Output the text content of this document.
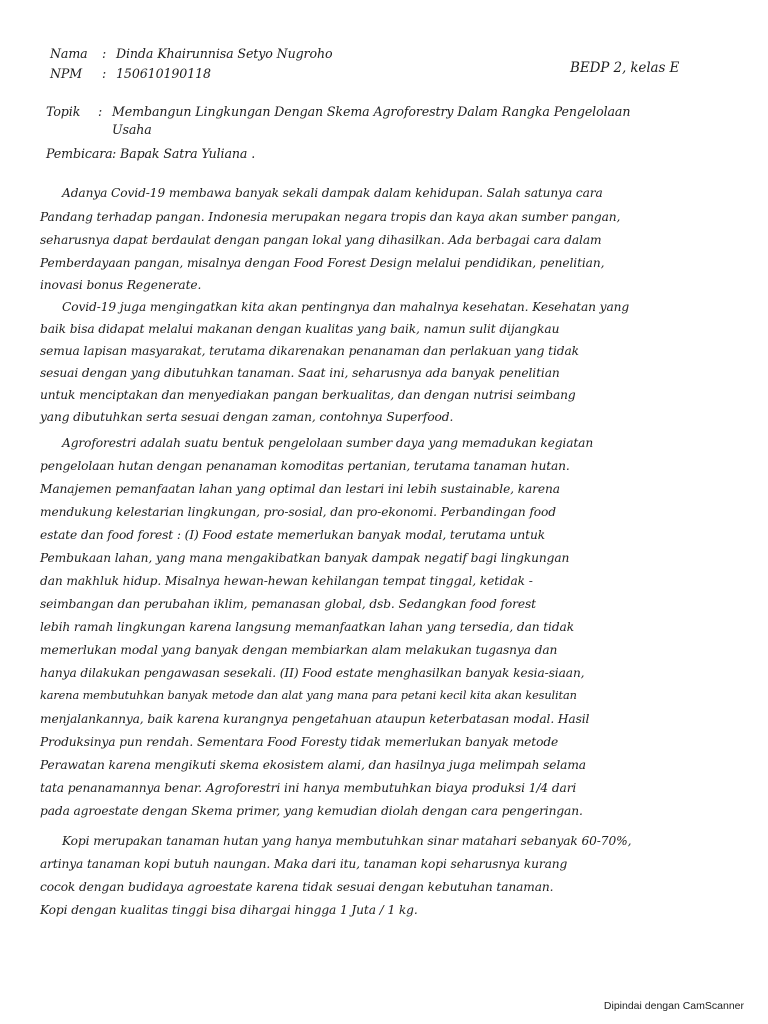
Nama : Dinda Khairunnisa Setyo Nugroho
NPM : 150610190118	BEDP 2, kelas E
Topik : Membangun Lingkungan Dengan Skema Agroforestry Dalam Rangka Pengelolaan
Usaha
Pembicara: Bapak Satra Yuliana .
Adanya Covid-19 membawa banyak sekali dampak dalam kehidupan. Salah satunya cara
Pandang terhadap pangan. Indonesia merupakan negara tropis dan kaya akan sumber pangan,
seharusnya dapat berdaulat dengan pangan lokal yang dihasilkan. Ada berbagai cara dalam
Pemberdayaan pangan, misalnya dengan Food Forest Design melalui pendidikan, penelitian,
inovasi bonus Regenerate.
Covid-19 juga mengingatkan kita akan pentingnya dan mahalnya kesehatan. Kesehatan yang
baik bisa didapat melalui makanan dengan kualitas yang baik, namun sulit dijangkau
semua lapisan masyarakat, terutama dikarenakan penanaman dan perlakuan yang tidak
sesuai dengan yang dibutuhkan tanaman. Saat ini, seharusnya ada banyak penelitian
untuk menciptakan dan menyediakan pangan berkualitas, dan dengan nutrisi seimbang
yang dibutuhkan serta sesuai dengan zaman, contohnya Superfood.
Agroforestri adalah suatu bentuk pengelolaan sumber daya yang memadukan kegiatan
pengelolaan hutan dengan penanaman komoditas pertanian, terutama tanaman hutan.
Manajemen pemanfaatan lahan yang optimal dan lestari ini lebih sustainable, karena
mendukung kelestarian lingkungan, pro-sosial, dan pro-ekonomi. Perbandingan food
estate dan food forest : (I) Food estate memerlukan banyak modal, terutama untuk
Pembukaan lahan, yang mana mengakibatkan banyak dampak negatif bagi lingkungan
dan makhluk hidup. Misalnya hewan-hewan kehilangan tempat tinggal, ketidak -
seimbangan dan perubahan iklim, pemanasan global, dsb. Sedangkan food forest
lebih ramah lingkungan karena langsung memanfaatkan lahan yang tersedia, dan tidak
memerlukan modal yang banyak dengan membiarkan alam melakukan tugasnya dan
hanya dilakukan pengawasan sesekali. (II) Food estate menghasilkan banyak kesia-siaan,
karena membutuhkan banyak metode dan alat yang mana para petani kecil kita akan kesulitan
menjalankannya, baik karena kurangnya pengetahuan ataupun keterbatasan modal. Hasil
Produksinya pun rendah. Sementara Food Foresty tidak memerlukan banyak metode
Perawatan karena mengikuti skema ekosistem alami, dan hasilnya juga melimpah selama
tata penanamannya benar. Agroforestri ini hanya membutuhkan biaya produksi 1/4 dari
pada agroestate dengan Skema primer, yang kemudian diolah dengan cara pengeringan.
Kopi merupakan tanaman hutan yang hanya membutuhkan sinar matahari sebanyak 60-70%,
artinya tanaman kopi butuh naungan. Maka dari itu, tanaman kopi seharusnya kurang
cocok dengan budidaya agroestate karena tidak sesuai dengan kebutuhan tanaman.
Kopi dengan kualitas tinggi bisa dihargai hingga 1 Juta / 1 kg.
Dipindai dengan CamScanner
